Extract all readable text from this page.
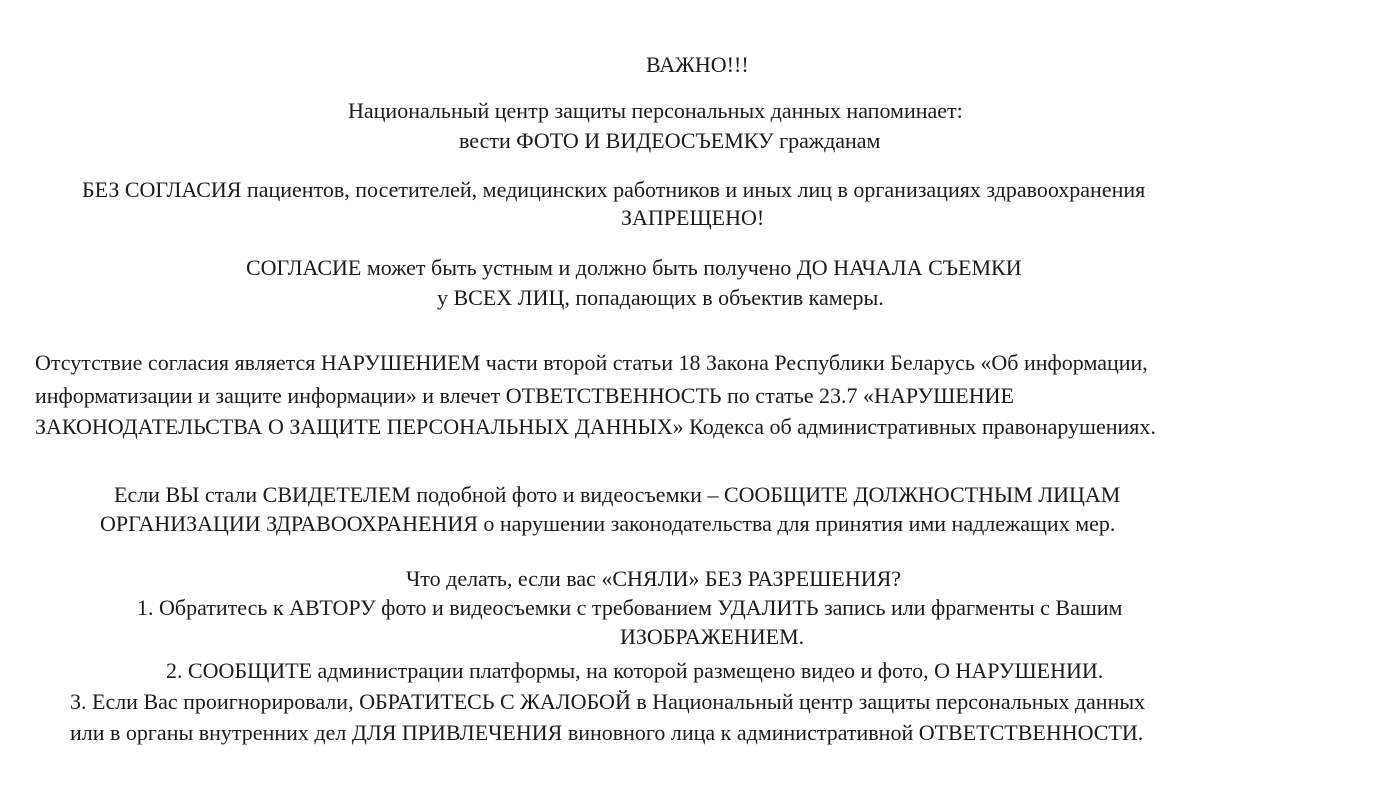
ВАЖНО!!!
Национальный центр защиты персональных данных напоминает:
вести ФОТО И ВИДЕОСЪЕМКУ гражданам
БЕЗ СОГЛАСИЯ пациентов, посетителей, медицинских работников и иных лиц в организациях здравоохранения
ЗАПРЕЩЕНО!
СОГЛАСИЕ может быть устным и должно быть получено ДО НАЧАЛА СЪЕМКИ
у ВСЕХ ЛИЦ, попадающих в объектив камеры.
Отсутствие согласия является НАРУШЕНИЕМ части второй статьи 18 Закона Республики Беларусь «Об информации,
информатизации и защите информации» и влечет ОТВЕТСТВЕННОСТЬ по статье 23.7 «НАРУШЕНИЕ
ЗАКОНОДАТЕЛЬСТВА О ЗАЩИТЕ ПЕРСОНАЛЬНЫХ ДАННЫХ» Кодекса об административных правонарушениях.
Если ВЫ стали СВИДЕТЕЛЕМ подобной фото и видеосъемки – СООБЩИТЕ ДОЛЖНОСТНЫМ ЛИЦАМ
ОРГАНИЗАЦИИ ЗДРАВООХРАНЕНИЯ о нарушении законодательства для принятия ими надлежащих мер.
Что делать, если вас «СНЯЛИ» БЕЗ РАЗРЕШЕНИЯ?
1. Обратитесь к АВТОРУ фото и видеосъемки с требованием УДАЛИТЬ запись или фрагменты с Вашим
ИЗОБРАЖЕНИЕМ.
2. СООБЩИТЕ администрации платформы, на которой размещено видео и фото, О НАРУШЕНИИ.
3. Если Вас проигнорировали, ОБРАТИТЕСЬ С ЖАЛОБОЙ в Национальный центр защиты персональных данных
или в органы внутренних дел ДЛЯ ПРИВЛЕЧЕНИЯ виновного лица к административной ОТВЕТСТВЕННОСТИ.
